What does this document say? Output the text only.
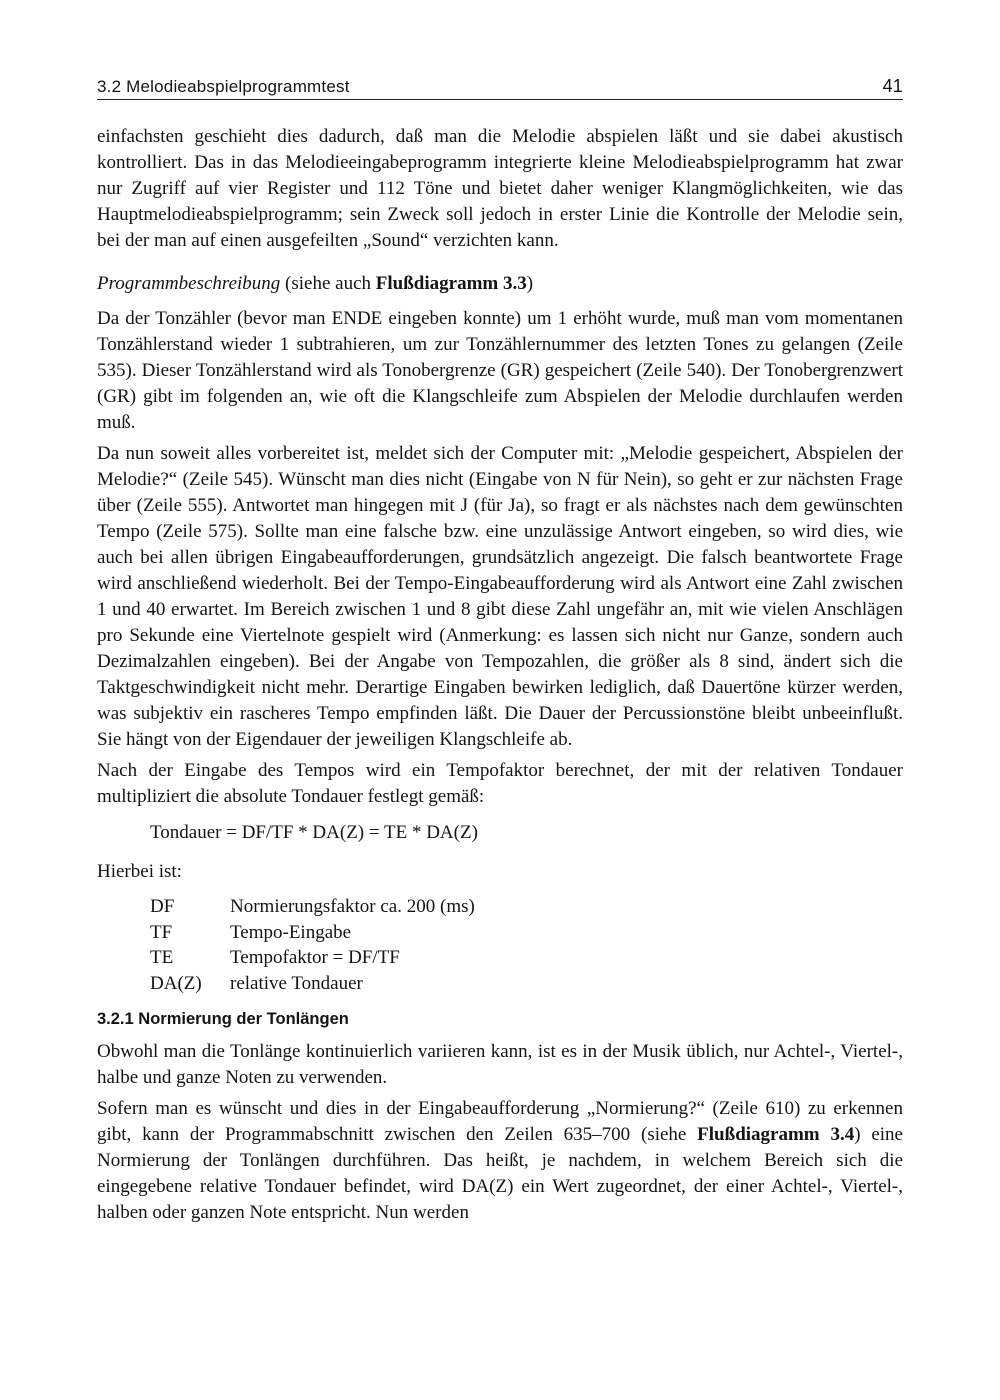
3.2 Melodieabspielprogrammtest	41

einfachsten geschieht dies dadurch, daß man die Melodie abspielen läßt und sie dabei akustisch kontrolliert. Das in das Melodieeingabeprogramm integrierte kleine Melodieabspielprogramm hat zwar nur Zugriff auf vier Register und 112 Töne und bietet daher weniger Klangmöglichkeiten, wie das Hauptmelodieabspielprogramm; sein Zweck soll jedoch in erster Linie die Kontrolle der Melodie sein, bei der man auf einen ausgefeilten „Sound“ verzichten kann.

Programmbeschreibung (siehe auch Flußdiagramm 3.3)

Da der Tonzähler (bevor man ENDE eingeben konnte) um 1 erhöht wurde, muß man vom momentanen Tonzählerstand wieder 1 subtrahieren, um zur Tonzählernummer des letzten Tones zu gelangen (Zeile 535). Dieser Tonzählerstand wird als Tonobergrenze (GR) gespeichert (Zeile 540). Der Tonobergrenzwert (GR) gibt im folgenden an, wie oft die Klangschleife zum Abspielen der Melodie durchlaufen werden muß.

Da nun soweit alles vorbereitet ist, meldet sich der Computer mit: „Melodie gespeichert, Abspielen der Melodie?“ (Zeile 545). Wünscht man dies nicht (Eingabe von N für Nein), so geht er zur nächsten Frage über (Zeile 555). Antwortet man hingegen mit J (für Ja), so fragt er als nächstes nach dem gewünschten Tempo (Zeile 575). Sollte man eine falsche bzw. eine unzulässige Antwort eingeben, so wird dies, wie auch bei allen übrigen Eingabeaufforderungen, grundsätzlich angezeigt. Die falsch beantwortete Frage wird anschließend wiederholt. Bei der Tempo-Eingabeaufforderung wird als Antwort eine Zahl zwischen 1 und 40 erwartet. Im Bereich zwischen 1 und 8 gibt diese Zahl ungefähr an, mit wie vielen Anschlägen pro Sekunde eine Viertelnote gespielt wird (Anmerkung: es lassen sich nicht nur Ganze, sondern auch Dezimalzahlen eingeben). Bei der Angabe von Tempozahlen, die größer als 8 sind, ändert sich die Taktgeschwindigkeit nicht mehr. Derartige Eingaben bewirken lediglich, daß Dauertöne kürzer werden, was subjektiv ein rascheres Tempo empfinden läßt. Die Dauer der Percussionstöne bleibt unbeeinflußt. Sie hängt von der Eigendauer der jeweiligen Klangschleife ab.

Nach der Eingabe des Tempos wird ein Tempofaktor berechnet, der mit der relativen Tondauer multipliziert die absolute Tondauer festlegt gemäß:

Tondauer = DF/TF * DA(Z) = TE * DA(Z)
Hierbei ist:
DF	Normierungsfaktor ca. 200 (ms)
TF	Tempo-Eingabe
TE	Tempofaktor = DF/TF
DA(Z)	relative Tondauer
3.2.1 Normierung der Tonlängen

Obwohl man die Tonlänge kontinuierlich variieren kann, ist es in der Musik üblich, nur Achtel-, Viertel-, halbe und ganze Noten zu verwenden.

Sofern man es wünscht und dies in der Eingabeaufforderung „Normierung?“ (Zeile 610) zu erkennen gibt, kann der Programmabschnitt zwischen den Zeilen 635–700 (siehe Flußdiagramm 3.4) eine Normierung der Tonlängen durchführen. Das heißt, je nachdem, in welchem Bereich sich die eingegebene relative Tondauer befindet, wird DA(Z) ein Wert zugeordnet, der einer Achtel-, Viertel-, halben oder ganzen Note entspricht. Nun werden
